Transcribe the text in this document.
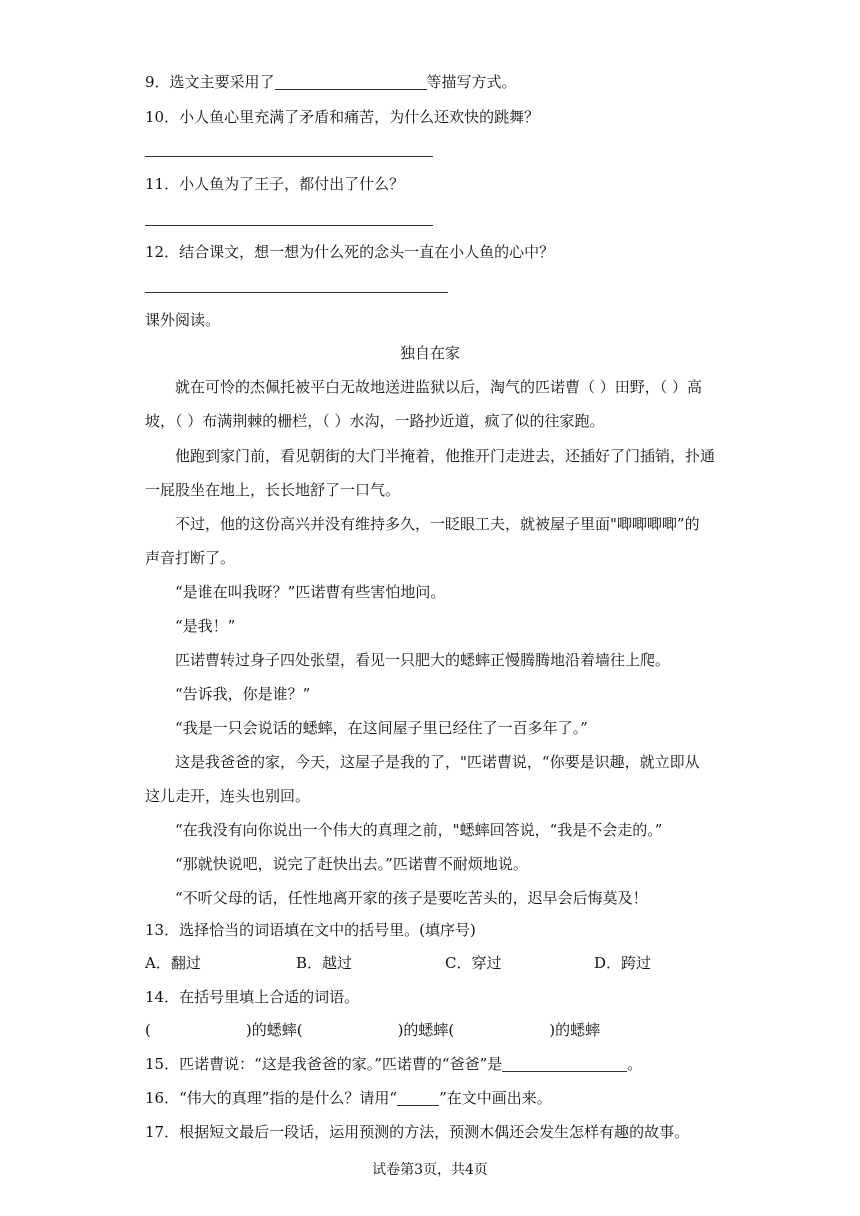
9．选文主要采用了	等描写方式。
10．小人鱼心里充满了矛盾和痛苦，为什么还欢快的跳舞？
11．小人鱼为了王子，都付出了什么？
12．结合课文，想一想为什么死的念头一直在小人鱼的心中？
课外阅读。
独自在家
就在可怜的杰佩托被平白无故地送进监狱以后，淘气的匹诺曹（ ）田野，（ ）高
坡，（ ）布满荆棘的栅栏，（ ）水沟，一路抄近道，疯了似的往家跑。
他跑到家门前，看见朝街的大门半掩着，他推开门走进去，还插好了门插销，扑通
一屁股坐在地上，长长地舒了一口气。
不过，他的这份高兴并没有维持多久，一眨眼工夫，就被屋子里面"唧唧唧唧”的
声音打断了。
“是谁在叫我呀？”匹诺曹有些害怕地问。
“是我！”
匹诺曹转过身子四处张望，看见一只肥大的蟋蟀正慢腾腾地沿着墙往上爬。
“告诉我，你是谁？”
“我是一只会说话的蟋蟀，在这间屋子里已经住了一百多年了。”
这是我爸爸的家，今天，这屋子是我的了，"匹诺曹说，“你要是识趣，就立即从
这儿走开，连头也别回。
“在我没有向你说出一个伟大的真理之前，"蟋蟀回答说，“我是不会走的。”
“那就快说吧，说完了赶快出去。”匹诺曹不耐烦地说。
“不听父母的话，任性地离开家的孩子是要吃苦头的，迟早会后悔莫及！
13．选择恰当的词语填在文中的括号里。(填序号)
A．翻过	B．越过	C．穿过	D．跨过
14．在括号里填上合适的词语。
(	)的蟋蟀(	)的蟋蟀(	)的蟋蟀
15．匹诺曹说：“这是我爸爸的家。”匹诺曹的“爸爸”是	。
16．“伟大的真理”指的是什么？请用“	”在文中画出来。
17．根据短文最后一段话，运用预测的方法，预测木偶还会发生怎样有趣的故事。
试卷第3页，共4页
